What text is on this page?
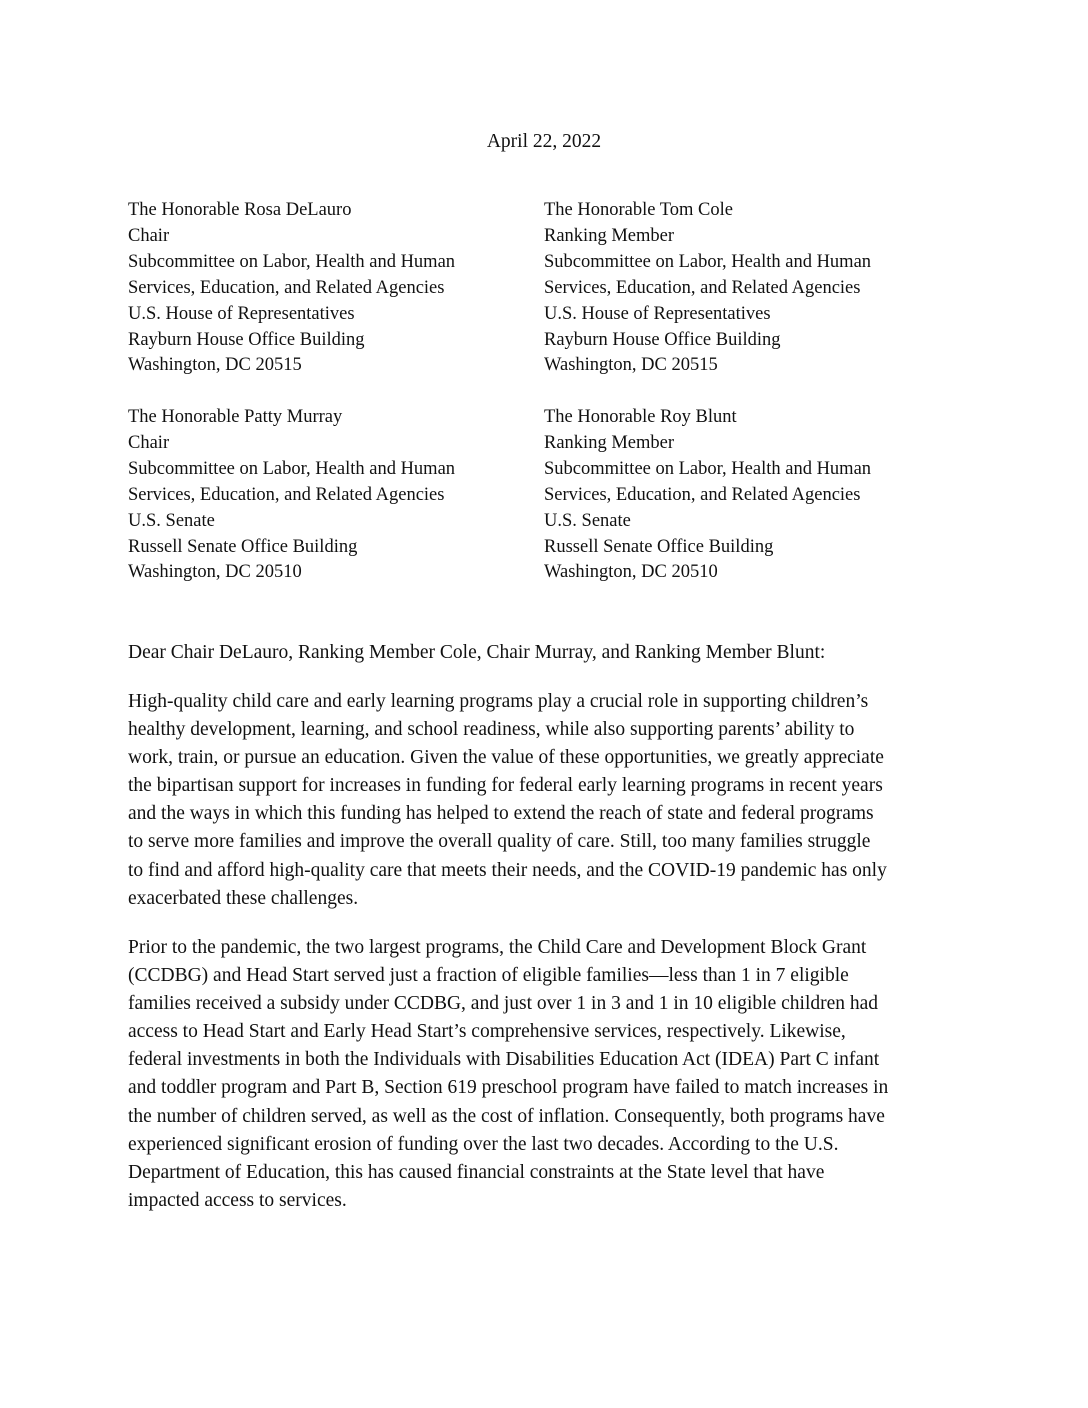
April 22, 2022
The Honorable Rosa DeLauro
Chair
Subcommittee on Labor, Health and Human
Services, Education, and Related Agencies
U.S. House of Representatives
Rayburn House Office Building
Washington, DC 20515
The Honorable Tom Cole
Ranking Member
Subcommittee on Labor, Health and Human
Services, Education, and Related Agencies
U.S. House of Representatives
Rayburn House Office Building
Washington, DC 20515
The Honorable Patty Murray
Chair
Subcommittee on Labor, Health and Human
Services, Education, and Related Agencies
U.S. Senate
Russell Senate Office Building
Washington, DC 20510
The Honorable Roy Blunt
Ranking Member
Subcommittee on Labor, Health and Human
Services, Education, and Related Agencies
U.S. Senate
Russell Senate Office Building
Washington, DC 20510
Dear Chair DeLauro, Ranking Member Cole, Chair Murray, and Ranking Member Blunt:
High-quality child care and early learning programs play a crucial role in supporting children’s
healthy development, learning, and school readiness, while also supporting parents’ ability to
work, train, or pursue an education. Given the value of these opportunities, we greatly appreciate
the bipartisan support for increases in funding for federal early learning programs in recent years
and the ways in which this funding has helped to extend the reach of state and federal programs
to serve more families and improve the overall quality of care. Still, too many families struggle
to find and afford high-quality care that meets their needs, and the COVID-19 pandemic has only
exacerbated these challenges.
Prior to the pandemic, the two largest programs, the Child Care and Development Block Grant
(CCDBG) and Head Start served just a fraction of eligible families—less than 1 in 7 eligible
families received a subsidy under CCDBG, and just over 1 in 3 and 1 in 10 eligible children had
access to Head Start and Early Head Start’s comprehensive services, respectively. Likewise,
federal investments in both the Individuals with Disabilities Education Act (IDEA) Part C infant
and toddler program and Part B, Section 619 preschool program have failed to match increases in
the number of children served, as well as the cost of inflation. Consequently, both programs have
experienced significant erosion of funding over the last two decades. According to the U.S.
Department of Education, this has caused financial constraints at the State level that have
impacted access to services.
